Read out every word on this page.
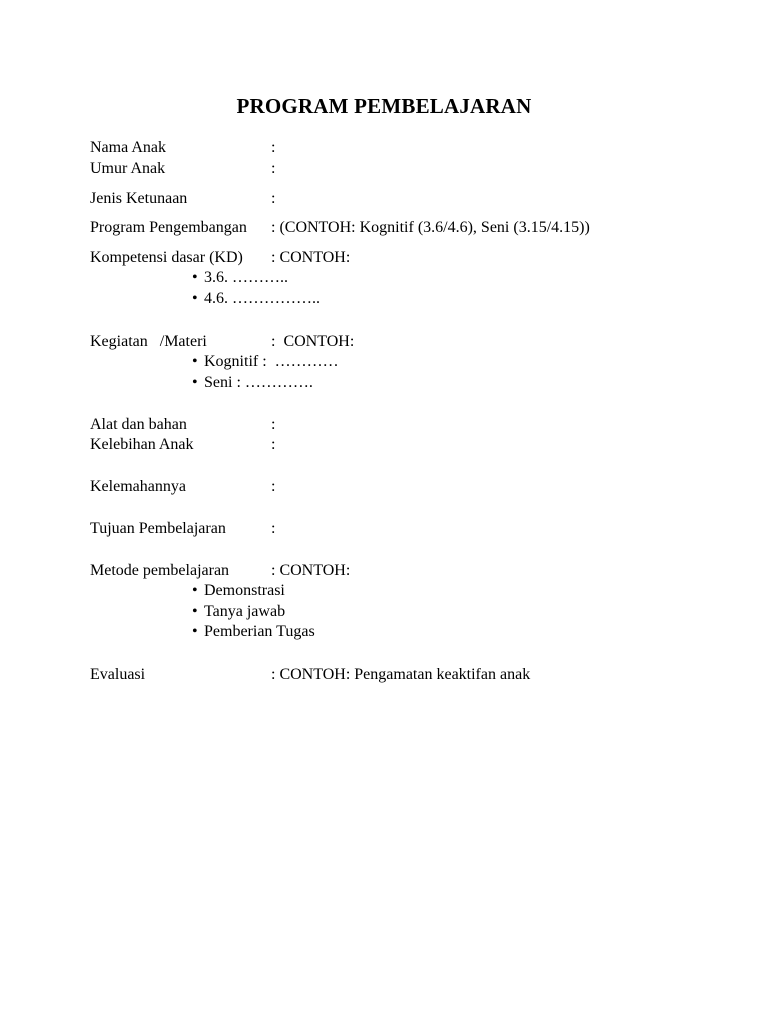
PROGRAM PEMBELAJARAN
Nama Anak	:
Umur Anak	:
Jenis Ketunaan	:
Program Pengembangan : (CONTOH: Kognitif (3.6/4.6), Seni (3.15/4.15))
Kompetensi dasar (KD) : CONTOH:
• 3.6. ………..
• 4.6. ……………..
Kegiatan   /Materi	:  CONTOH:
• Kognitif :  …………
• Seni : ………….
Alat dan bahan	:
Kelebihan Anak	:
Kelemahannya	:
Tujuan Pembelajaran	:
Metode pembelajaran	: CONTOH:
• Demonstrasi
• Tanya jawab
• Pemberian Tugas
Evaluasi	: CONTOH: Pengamatan keaktifan anak
